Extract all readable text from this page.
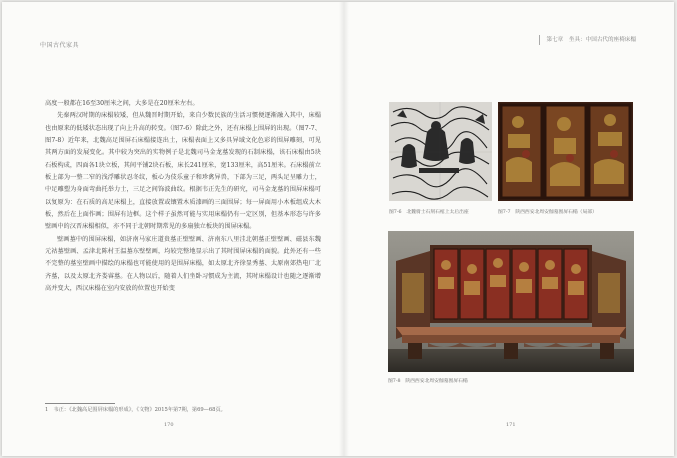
中国古代家具
第七章　坐具：中国古代的座椅床榻

高度一般都在16至30厘米之间，大多是在20厘米左右。

先秦两汉时期的床榻较矮，但从魏晋时期开始，来自少数民族的生活习惯便逐渐融入其中，床榻也由原来的低矮状态出现了向上升高的转变。（图7-6）除此之外，还有床榻上围屏的出现。（图7-7、图7-8）近年来，北魏高足围屏石床榻接连出土，床榻表面上又多具异域文化色彩的围屏雕刻，可见其两方面的发展变化。其中较为突出的实物例子是北魏司马金龙墓发现的石制床榻，该石床榻由5块石板构成，四面各1块立板，其间平铺2块石板，床长241厘米，宽133厘米，高51厘米。石床榻前立板上部为一整二窄的浅浮雕状忍冬纹，板心为伎乐童子和珍禽异兽，下部为三足，两头足呈雕力士，中足雕塑为身面弯曲托举力士，三足之间饰波曲纹。根据韦正先生的研究，司马金龙墓的围屏床榻可以复原为：在石质的高足床榻上，直接放置或镶置木质漆画的三面围屏；每一屏面用小木板组成大木板，然后在上面作画；围屏有边框。这个样子虽然可能与实用床榻仍有一定区别，但基本形态与许多壁画中的汉晋床榻相似，亦不同于北朝时期常见的多扇独立板块的围屏床榻。

壁画墓中的围屏床榻，如济南马家庄道贵墓正壁壁画、济南东八里洼北朝墓正壁壁画、磁县东魏元祜墓壁画、孟津北陈村王温墓东壁壁画，均较完整地显示出了其时围屏床榻的面貌。此外还有一些不完整的墓室壁画中描绘的床榻也可能使用的是围屏床榻，如太原北齐徐显秀墓、太原南郊热电厂北齐墓，以及太原北齐娄睿墓。在人物以后，随着人们坐卧习惯成为主流，其时床榻设计也随之逐渐增高并变大，西汉床榻在室内安放的位置也开始变

1　韦正：《北魏高足围屏床榻的形成》，《文物》2015年第7期，第69—68页。
170	171
图7-6　北魏骑士石刻石棺上太后出座	图7-7　陕西西安北周安伽墓围屏石榻（局部）
图7-8　陕西西安北周安伽墓围屏石榻
